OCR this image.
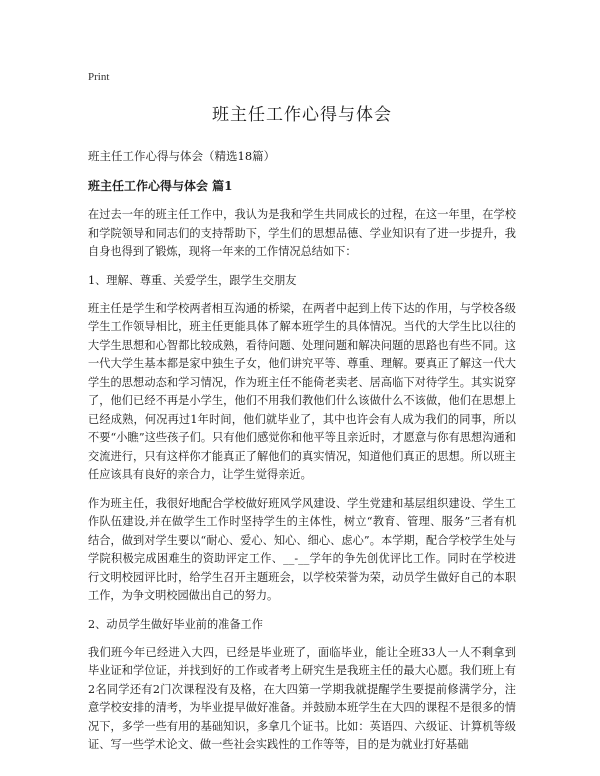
Print
班主任工作心得与体会
班主任工作心得与体会（精选18篇）
班主任工作心得与体会 篇1

在过去一年的班主任工作中，我认为是我和学生共同成长的过程，在这一年里，在学校和学院领导和同志们的支持帮助下，学生们的思想品德、学业知识有了进一步提升，我自身也得到了锻炼，现将一年来的工作情况总结如下：

1、理解、尊重、关爱学生，跟学生交朋友

班主任是学生和学校两者相互沟通的桥梁，在两者中起到上传下达的作用，与学校各级学生工作领导相比，班主任更能具体了解本班学生的具体情况。当代的大学生比以往的大学生思想和心智都比较成熟，看待问题、处理问题和解决问题的思路也有些不同。这一代大学生基本都是家中独生子女，他们讲究平等、尊重、理解。要真正了解这一代大学生的思想动态和学习情况，作为班主任不能倚老卖老、居高临下对待学生。其实说穿了，他们已经不再是小学生，他们不用我们教他们什么该做什么不该做，他们在思想上已经成熟，何况再过1年时间，他们就毕业了，其中也许会有人成为我们的同事，所以不要“小瞧”这些孩子们。只有他们感觉你和他平等且亲近时，才愿意与你有思想沟通和交流进行，只有这样你才能真正了解他们的真实情况，知道他们真正的思想。所以班主任应该具有良好的亲合力，让学生觉得亲近。

作为班主任，我很好地配合学校做好班风学风建设、学生党建和基层组织建设、学生工作队伍建设,并在做学生工作时坚持学生的主体性，树立“教育、管理、服务”三者有机结合，做到对学生要以“耐心、爱心、知心、细心、虑心”。本学期，配合学校学生处与学院积极完成困难生的资助评定工作、__-__学年的争先创优评比工作。同时在学校进行文明校园评比时，给学生召开主题班会，以学校荣誉为荣，动员学生做好自己的本职工作，为争文明校园做出自己的努力。

2、动员学生做好毕业前的准备工作

我们班今年已经进入大四，已经是毕业班了，面临毕业，能让全班33人一人不剩拿到毕业证和学位证，并找到好的工作或者考上研究生是我班主任的最大心愿。我们班上有2名同学还有2门次课程没有及格，在大四第一学期我就提醒学生要提前修满学分，注意学校安排的清考，为毕业提早做好准备。并鼓励本班学生在大四的课程不是很多的情况下，多学一些有用的基础知识，多拿几个证书。比如：英语四、六级证、计算机等级证、写一些学术论文、做一些社会实践性的工作等等，目的是为就业打好基础
